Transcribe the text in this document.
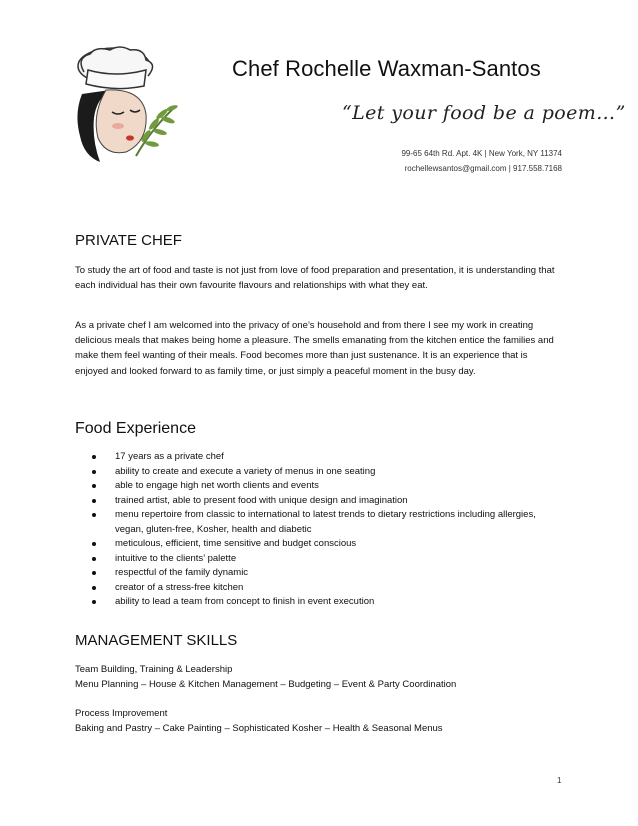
Chef Rochelle Waxman-Santos
“Let your food be a poem…”
99-65 64th Rd. Apt. 4K | New York, NY 11374
rochellewsantos@gmail.com | 917.558.7168
PRIVATE CHEF
To study the art of food and taste is not just from love of food preparation and presentation, it is understanding that each individual has their own favourite flavours and relationships with what they eat.
As a private chef I am welcomed into the privacy of one’s household and from there I see my work in creating delicious meals that makes being home a pleasure. The smells emanating from the kitchen entice the families and make them feel wanting of their meals. Food becomes more than just sustenance. It is an experience that is enjoyed and looked forward to as family time, or just simply a peaceful moment in the busy day.
Food Experience
17 years as a private chef
ability to create and execute a variety of menus in one seating
able to engage high net worth clients and events
trained artist, able to present food with unique design and imagination
menu repertoire from classic to international to latest trends to dietary restrictions including allergies, vegan, gluten-free, Kosher, health and diabetic
meticulous, efficient, time sensitive and budget conscious
intuitive to the clients’ palette
respectful of the family dynamic
creator of a stress-free kitchen
ability to lead a team from concept to finish in event execution
MANAGEMENT SKILLS
Team Building, Training & Leadership
Menu Planning – House & Kitchen Management – Budgeting – Event & Party Coordination
Process Improvement
Baking and Pastry – Cake Painting – Sophisticated Kosher – Health & Seasonal Menus
1
